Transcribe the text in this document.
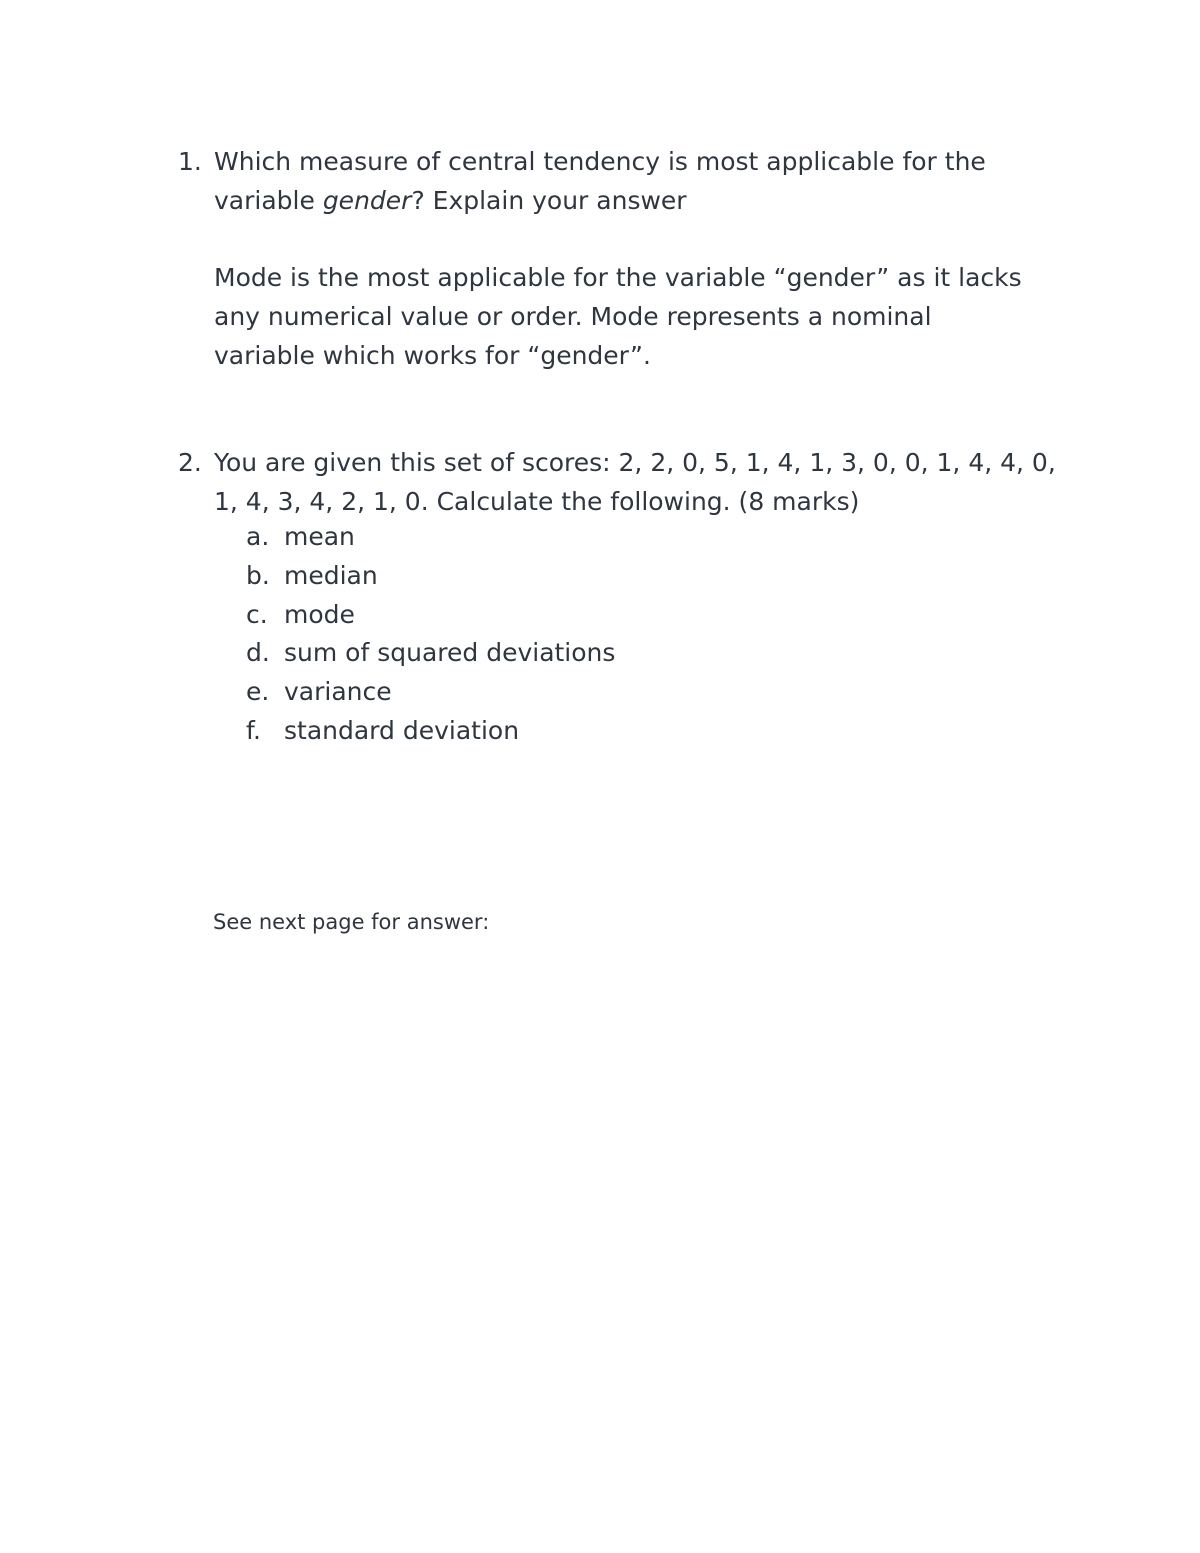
1. Which measure of central tendency is most applicable for the
variable gender? Explain your answer
Mode is the most applicable for the variable “gender” as it lacks
any numerical value or order. Mode represents a nominal
variable which works for “gender”.
2. You are given this set of scores: 2, 2, 0, 5, 1, 4, 1, 3, 0, 0, 1, 4, 4, 0,
1, 4, 3, 4, 2, 1, 0. Calculate the following. (8 marks)
a. mean
b. median
c. mode
d. sum of squared deviations
e. variance
f. standard deviation
See next page for answer:
